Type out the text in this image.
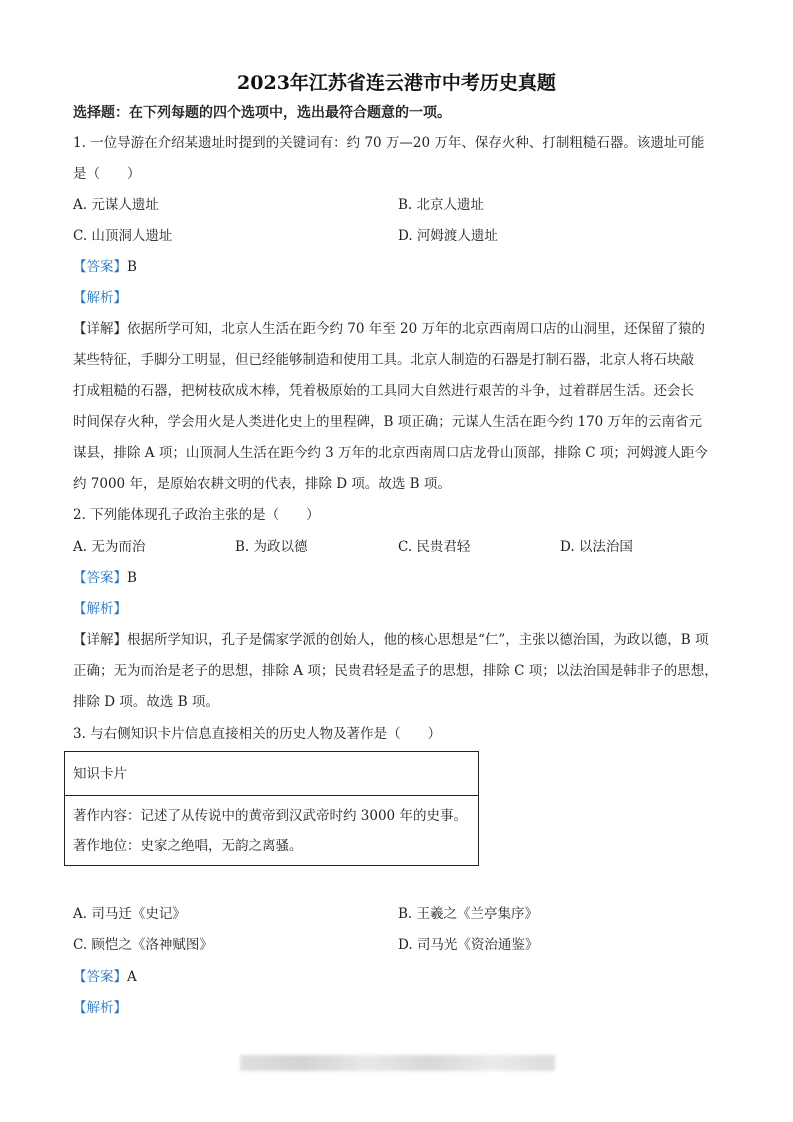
2023年江苏省连云港市中考历史真题
选择题：在下列每题的四个选项中，选出最符合题意的一项。
1. 一位导游在介绍某遗址时提到的关键词有：约 70 万—20 万年、保存火种、打制粗糙石器。该遗址可能
是（　　）
A. 元谋人遗址	B. 北京人遗址
C. 山顶洞人遗址	D. 河姆渡人遗址
【答案】B
【解析】
【详解】依据所学可知，北京人生活在距今约 70 年至 20 万年的北京西南周口店的山洞里，还保留了猿的
某些特征，手脚分工明显，但已经能够制造和使用工具。北京人制造的石器是打制石器，北京人将石块敲
打成粗糙的石器，把树枝砍成木棒，凭着极原始的工具同大自然进行艰苦的斗争，过着群居生活。还会长
时间保存火种，学会用火是人类进化史上的里程碑，B 项正确；元谋人生活在距今约 170 万年的云南省元
谋县，排除 A 项；山顶洞人生活在距今约 3 万年的北京西南周口店龙骨山顶部，排除 C 项；河姆渡人距今
约 7000 年，是原始农耕文明的代表，排除 D 项。故选 B 项。
2. 下列能体现孔子政治主张的是（　　）
A. 无为而治	B. 为政以德	C. 民贵君轻	D. 以法治国
【答案】B
【解析】
【详解】根据所学知识，孔子是儒家学派的创始人，他的核心思想是“仁”，主张以德治国，为政以德，B 项
正确；无为而治是老子的思想，排除 A 项；民贵君轻是孟子的思想，排除 C 项；以法治国是韩非子的思想，
排除 D 项。故选 B 项。
3. 与右侧知识卡片信息直接相关的历史人物及著作是（　　）
知识卡片
著作内容：记述了从传说中的黄帝到汉武帝时约 3000 年的史事。
著作地位：史家之绝唱，无韵之离骚。
A. 司马迁《史记》	B. 王羲之《兰亭集序》
C. 顾恺之《洛神赋图》	D. 司马光《资治通鉴》
【答案】A
【解析】
